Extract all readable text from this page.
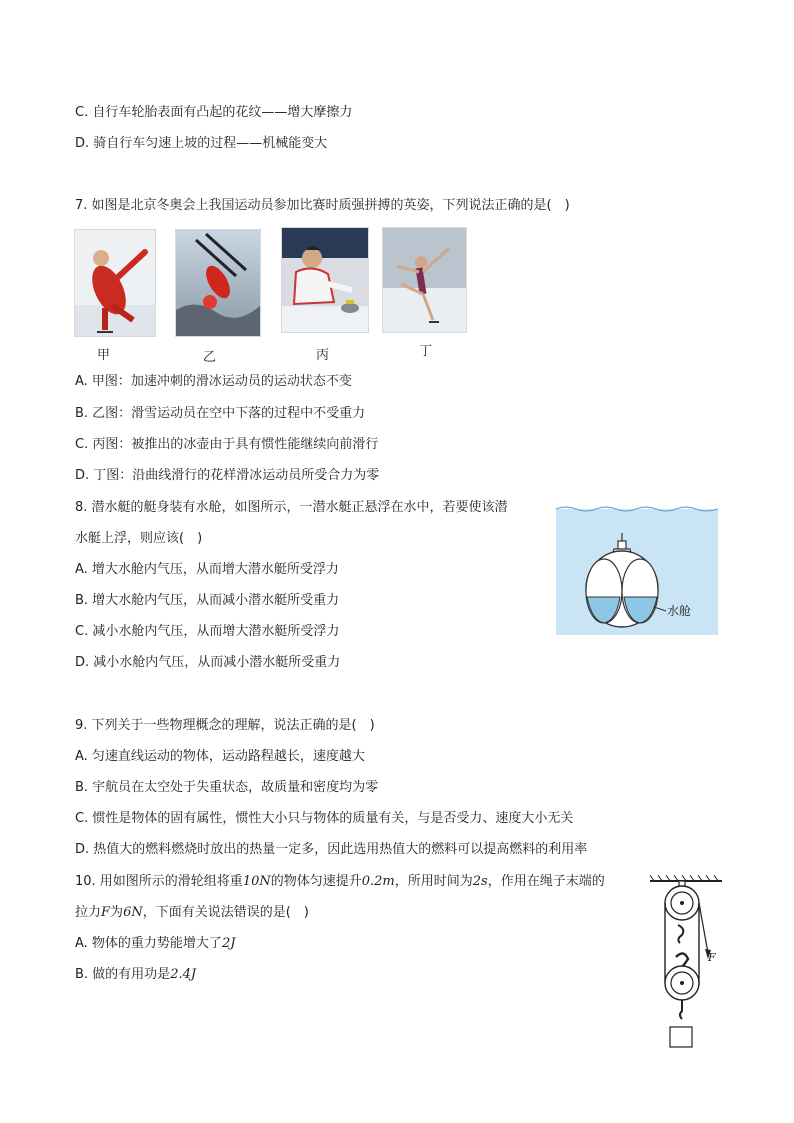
C. 自行车轮胎表面有凸起的花纹——增大摩擦力
D. 骑自行车匀速上坡的过程——机械能变大
7. 如图是北京冬奥会上我国运动员参加比赛时质强拼搏的英姿，下列说法正确的是(　)
甲	乙	丙	丁
A. 甲图：加速冲刺的滑冰运动员的运动状态不变
B. 乙图：滑雪运动员在空中下落的过程中不受重力
C. 丙图：被推出的冰壶由于具有惯性能继续向前滑行
D. 丁图：沿曲线滑行的花样滑冰运动员所受合力为零
8. 潜水艇的艇身装有水舱，如图所示，一潜水艇正悬浮在水中，若要使该潜
水艇上浮，则应该(　)
A. 增大水舱内气压，从而增大潜水艇所受浮力
B. 增大水舱内气压，从而减小潜水艇所受重力
C. 减小水舱内气压，从而增大潜水艇所受浮力
D. 减小水舱内气压，从而减小潜水艇所受重力
水舱
9. 下列关于一些物理概念的理解，说法正确的是(　)
A. 匀速直线运动的物体，运动路程越长，速度越大
B. 宇航员在太空处于失重状态，故质量和密度均为零
C. 惯性是物体的固有属性，惯性大小只与物体的质量有关，与是否受力、速度大小无关
D. 热值大的燃料燃烧时放出的热量一定多，因此选用热值大的燃料可以提高燃料的利用率
10. 用如图所示的滑轮组将重10N的物体匀速提升0.2m，所用时间为2s，作用在绳子末端的
拉力F为6N，下面有关说法错误的是(　)
A. 物体的重力势能增大了2J
B. 做的有用功是2.4J
F
